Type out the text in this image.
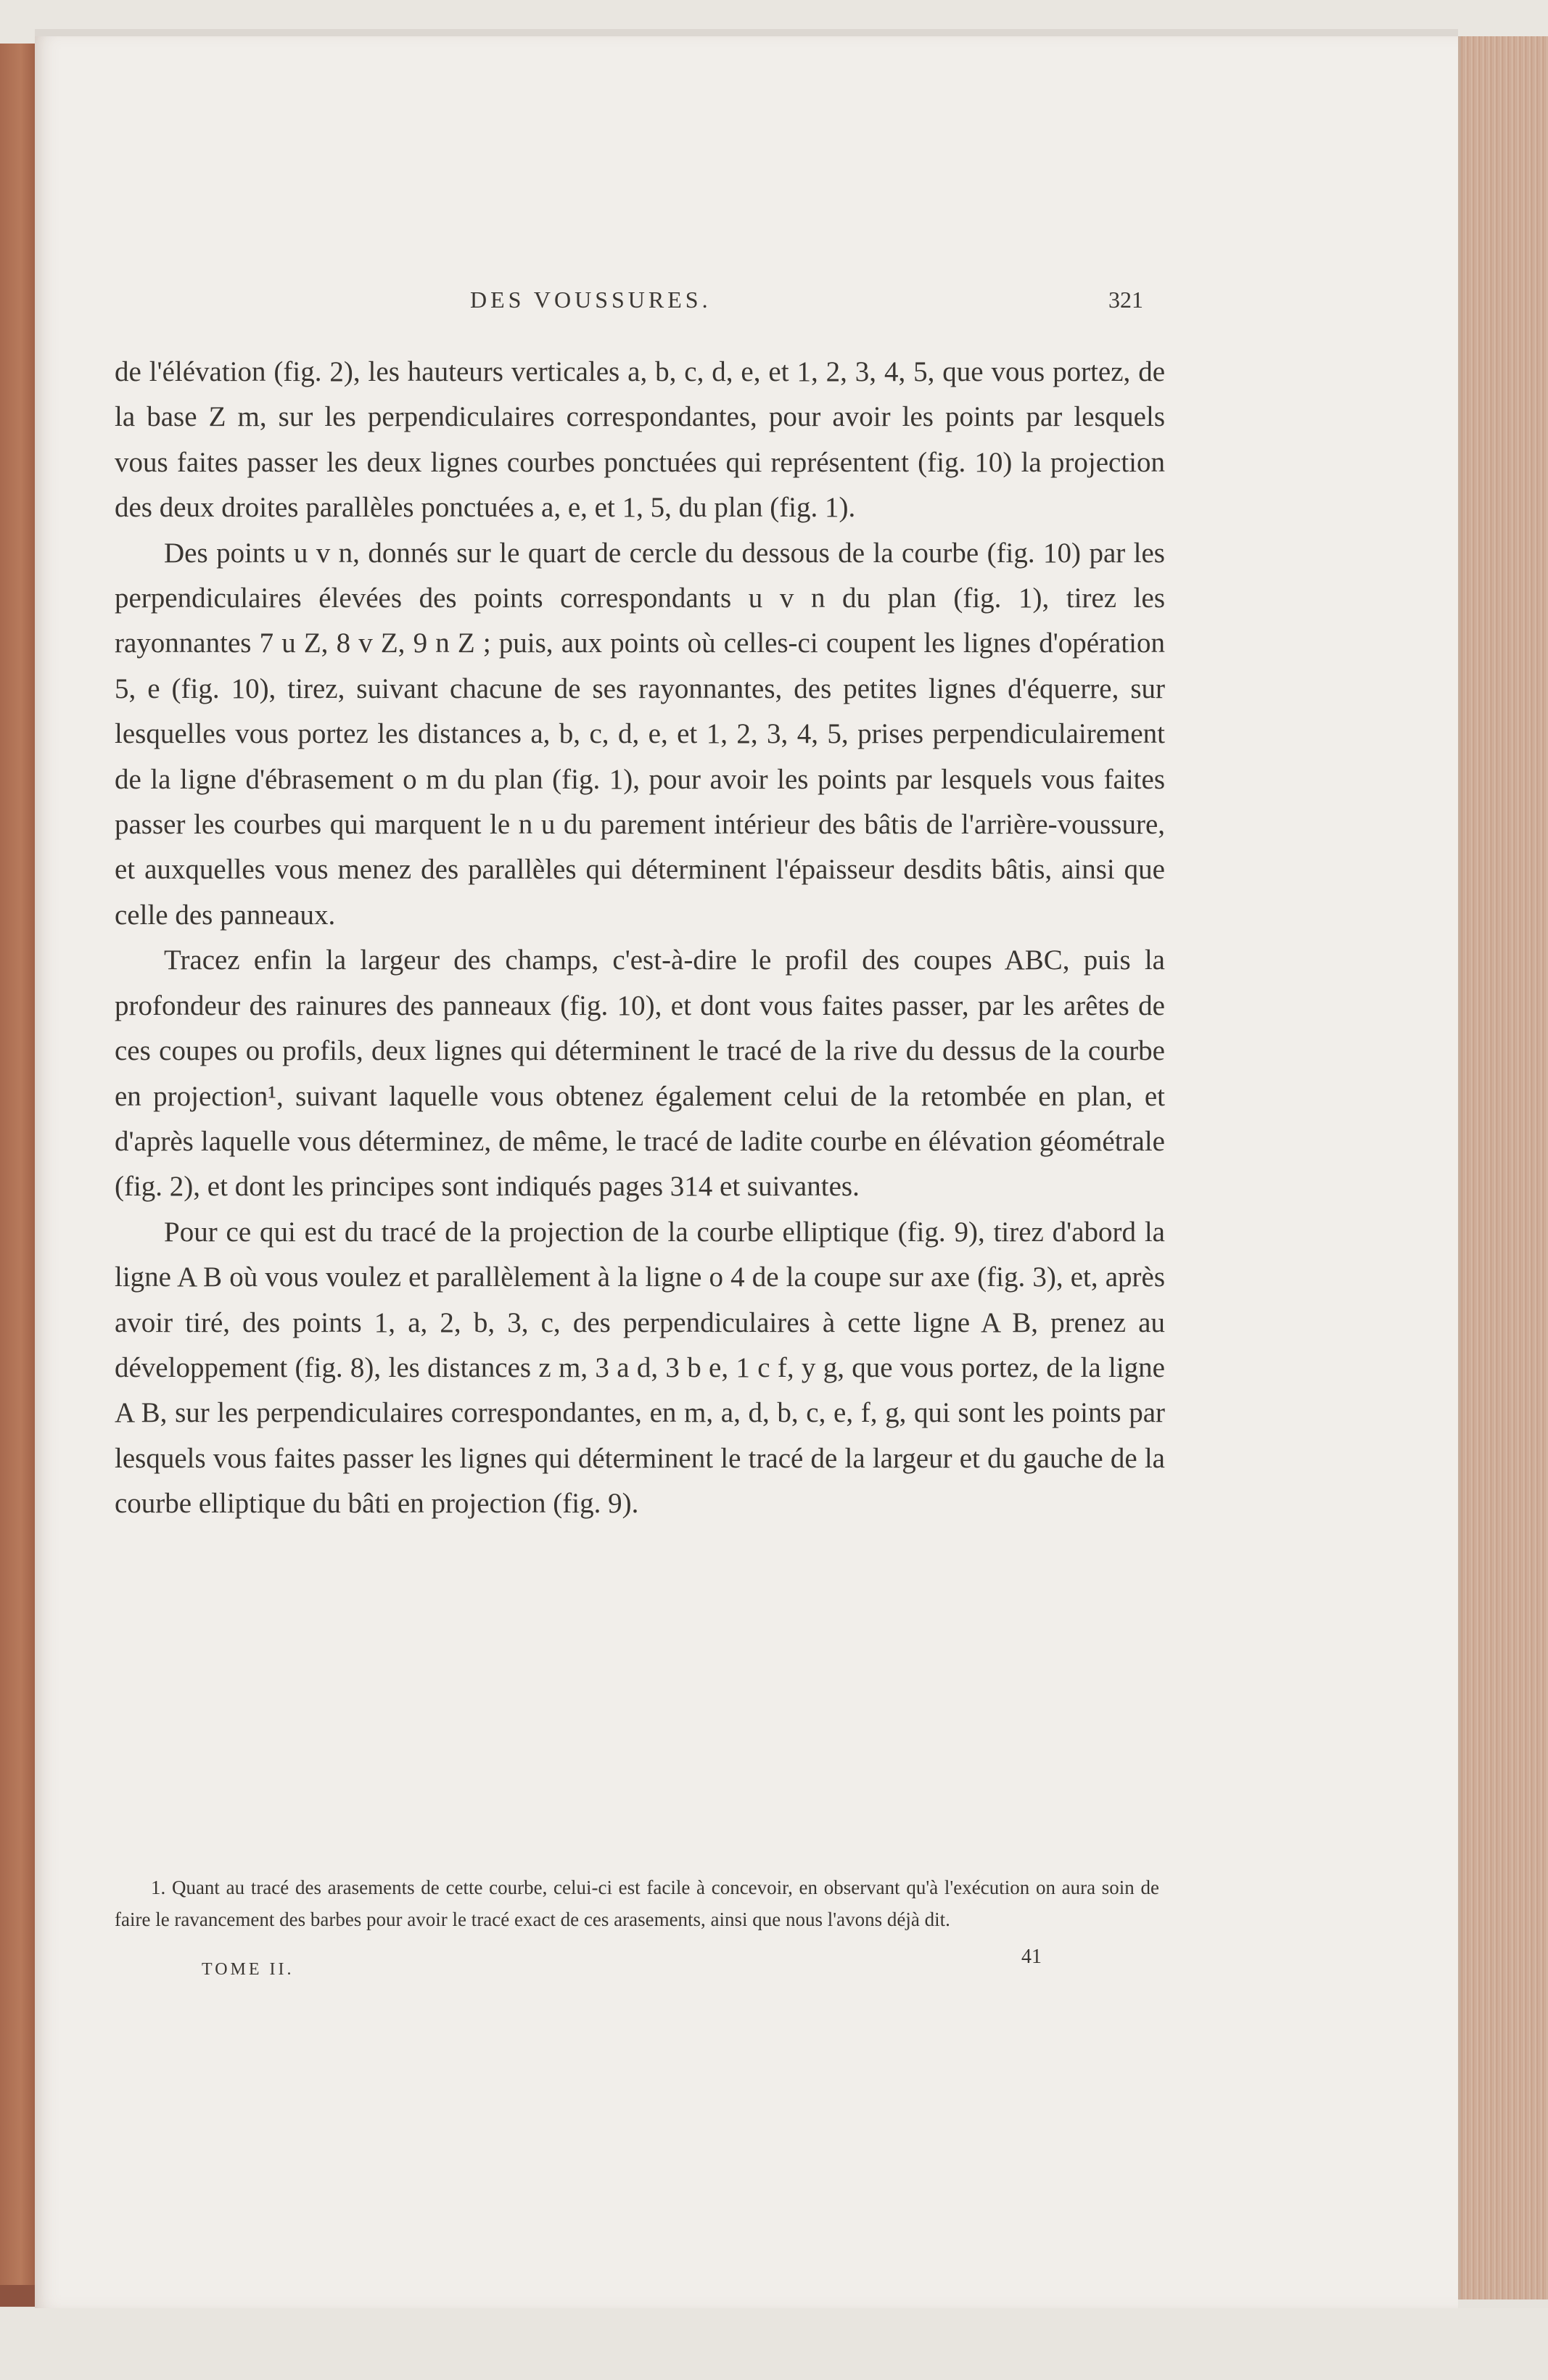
DES VOUSSURES.	321

de l'élévation (fig. 2), les hauteurs verticales a, b, c, d, e, et 1, 2, 3, 4, 5, que vous portez, de la base Z m, sur les perpendiculaires correspondantes, pour avoir les points par lesquels vous faites passer les deux lignes courbes ponctuées qui représentent (fig. 10) la projection des deux droites parallèles ponctuées a, e, et 1, 5, du plan (fig. 1).

Des points u v n, donnés sur le quart de cercle du dessous de la courbe (fig. 10) par les perpendiculaires élevées des points correspondants u v n du plan (fig. 1), tirez les rayonnantes 7 u Z, 8 v Z, 9 n Z ; puis, aux points où celles-ci coupent les lignes d'opération 5, e (fig. 10), tirez, suivant chacune de ses rayonnantes, des petites lignes d'équerre, sur lesquelles vous portez les distances a, b, c, d, e, et 1, 2, 3, 4, 5, prises perpendiculairement de la ligne d'ébrasement o m du plan (fig. 1), pour avoir les points par lesquels vous faites passer les courbes qui marquent le n u du parement intérieur des bâtis de l'arrière-voussure, et auxquelles vous menez des parallèles qui déterminent l'épaisseur desdits bâtis, ainsi que celle des panneaux.

Tracez enfin la largeur des champs, c'est-à-dire le profil des coupes ABC, puis la profondeur des rainures des panneaux (fig. 10), et dont vous faites passer, par les arêtes de ces coupes ou profils, deux lignes qui déterminent le tracé de la rive du dessus de la courbe en projection¹, suivant laquelle vous obtenez également celui de la retombée en plan, et d'après laquelle vous déterminez, de même, le tracé de ladite courbe en élévation géométrale (fig. 2), et dont les principes sont indiqués pages 314 et suivantes.

Pour ce qui est du tracé de la projection de la courbe elliptique (fig. 9), tirez d'abord la ligne A B où vous voulez et parallèlement à la ligne o 4 de la coupe sur axe (fig. 3), et, après avoir tiré, des points 1, a, 2, b, 3, c, des perpendiculaires à cette ligne A B, prenez au développement (fig. 8), les distances z m, 3 a d, 3 b e, 1 c f, y g, que vous portez, de la ligne A B, sur les perpendiculaires correspondantes, en m, a, d, b, c, e, f, g, qui sont les points par lesquels vous faites passer les lignes qui déterminent le tracé de la largeur et du gauche de la courbe elliptique du bâti en projection (fig. 9).

1. Quant au tracé des arasements de cette courbe, celui-ci est facile à concevoir, en observant qu'à l'exécution on aura soin de faire le ravancement des barbes pour avoir le tracé exact de ces arasements, ainsi que nous l'avons déjà dit.
TOME II.
41
